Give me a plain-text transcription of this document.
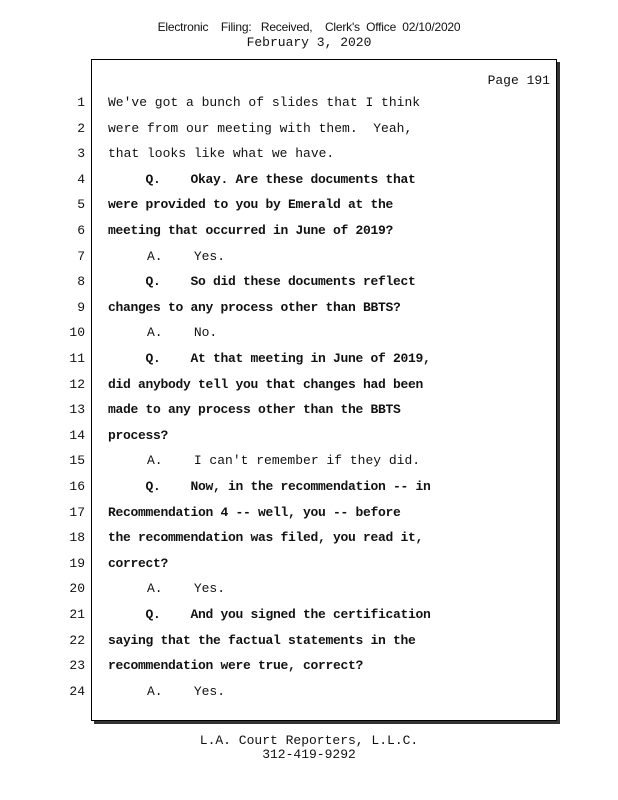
Electronic    Filing:   Received,    Clerk's  Office  02/10/2020
February 3, 2020
Page 191
1 We've got a bunch of slides that I think
2 were from our meeting with them.  Yeah,
3 that looks like what we have.
4 Q.    Okay. Are these documents that
5 were provided to you by Emerald at the
6 meeting that occurred in June of 2019?
7 A.    Yes.
8 Q.    So did these documents reflect
9 changes to any process other than BBTS?
10 A.    No.
11 Q.    At that meeting in June of 2019,
12 did anybody tell you that changes had been
13 made to any process other than the BBTS
14 process?
15 A.    I can't remember if they did.
16 Q.    Now, in the recommendation -- in
17 Recommendation 4 -- well, you -- before
18 the recommendation was filed, you read it,
19 correct?
20 A.    Yes.
21 Q.    And you signed the certification
22 saying that the factual statements in the
23 recommendation were true, correct?
24 A.    Yes.
L.A. Court Reporters, L.L.C.
312-419-9292
